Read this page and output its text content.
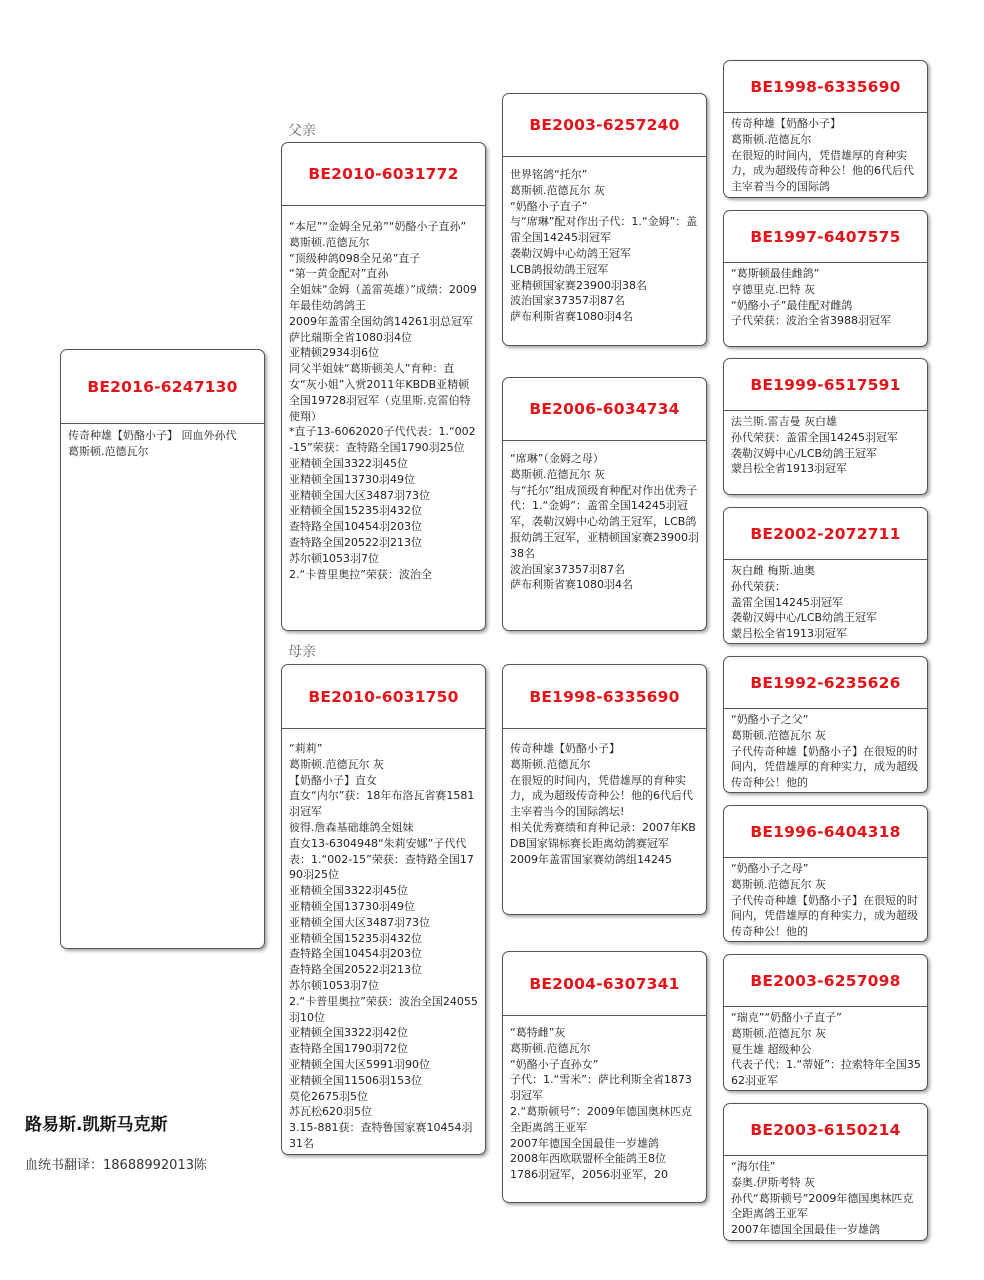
父亲
母亲
BE2016-6247130
传奇种雄【奶酪小子】 回血外孙代
葛斯顿.范德瓦尔
BE2010-6031772
“本尼”“金姆全兄弟”“奶酪小子直孙”
葛斯顿.范德瓦尔
“顶级种鸽098全兄弟”直子
“第一黄金配对”直孙
全姐妹“金姆（盖雷英雄）”成绩：2009年最佳幼鸽鸽王
2009年盖雷全国幼鸽14261羽总冠军
萨比瑞斯全省1080羽4位
亚精顿2934羽6位
同父半姐妹“葛斯顿美人”育种：直女“灰小姐”入赏2011年KBDB亚精顿全国19728羽冠军（克里斯.克雷伯特使翔）
*直子13-6062020子代代表：1.“002-15”荣获：查特路全国1790羽25位
亚精顿全国3322羽45位
亚精顿全国13730羽49位
亚精顿全国大区3487羽73位
亚精顿全国15235羽432位
查特路全国10454羽203位
查特路全国20522羽213位
苏尔顿1053羽7位
2.“卡普里奥拉”荣获：波治全
BE2010-6031750
“莉莉”
葛斯顿.范德瓦尔 灰
【奶酪小子】直女
直女“内尔”获：18年布洛瓦省赛1581羽冠军
彼得.詹森基础雄鸽全姐妹
直女13-6304948“朱莉安娜”子代代表：1.“002-15”荣获：查特路全国1790羽25位
亚精顿全国3322羽45位
亚精顿全国13730羽49位
亚精顿全国大区3487羽73位
亚精顿全国15235羽432位
查特路全国10454羽203位
查特路全国20522羽213位
苏尔顿1053羽7位
2.“卡普里奥拉”荣获：波治全国24055羽10位
亚精顿全国3322羽42位
查特路全国1790羽72位
亚精顿全国大区5991羽90位
亚精顿全国11506羽153位
莫伦2675羽5位
苏瓦松620羽5位
3.15-881获：查特鲁国家赛10454羽31名
BE2003-6257240
世界铭鸽“托尔”
葛斯顿.范德瓦尔 灰
“奶酪小子直子”
与“席琳”配对作出子代：1.“金姆”：盖雷全国14245羽冠军
袭勒汉姆中心幼鸽王冠军
LCB鸽报幼鸽王冠军
亚精顿国家赛23900羽38名
波治国家37357羽87名
萨布利斯省赛1080羽4名
BE2006-6034734
“席琳”（金姆之母）
葛斯顿.范德瓦尔 灰
与“托尔”组成顶级育种配对作出优秀子代：1.“金姆”：盖雷全国14245羽冠军，袭勒汉姆中心幼鸽王冠军，LCB鸽报幼鸽王冠军，亚精顿国家赛23900羽38名
波治国家37357羽87名
萨布利斯省赛1080羽4名
BE1998-6335690
传奇种雄【奶酪小子】
葛斯顿.范德瓦尔
在很短的时间内，凭借雄厚的育种实力，成为超级传奇种公！他的6代后代主宰着当今的国际鸽坛!
相关优秀赛绩和育种记录：2007年KBDB国家锦标赛长距离幼鸽赛冠军
2009年盖雷国家赛幼鸽组14245
BE2004-6307341
“葛特雌”灰
葛斯顿.范德瓦尔
“奶酪小子直孙女”
子代：1.“雪米”：萨比利斯全省1873羽冠军
2.“葛斯顿号”：2009年德国奥林匹克全距离鸽王亚军
2007年德国全国最佳一岁雄鸽
2008年西欧联盟杯全能鸽王8位
1786羽冠军，2056羽亚军，20
BE1998-6335690
传奇种雄【奶酪小子】
葛斯顿.范德瓦尔
在很短的时间内，凭借雄厚的育种实力，成为超级传奇种公！他的6代后代主宰着当今的国际鸽
BE1997-6407575
“葛斯顿最佳雌鸽”
亨德里克.巴特 灰
“奶酪小子”最佳配对雌鸽
子代荣获：波治全省3988羽冠军
BE1999-6517591
法兰斯.雷吉曼 灰白雄
孙代荣获：盖雷全国14245羽冠军
袭勒汉姆中心/LCB幼鸽王冠军
蒙吕松全省1913羽冠军
BE2002-2072711
灰白雌 梅斯.迪奥
孙代荣获：
盖雷全国14245羽冠军
袭勒汉姆中心/LCB幼鸽王冠军
蒙吕松全省1913羽冠军
BE1992-6235626
“奶酪小子之父”
葛斯顿.范德瓦尔 灰
子代传奇种雄【奶酪小子】在很短的时间内，凭借雄厚的育种实力，成为超级传奇种公！他的
BE1996-6404318
“奶酪小子之母”
葛斯顿.范德瓦尔 灰
子代传奇种雄【奶酪小子】在很短的时间内，凭借雄厚的育种实力，成为超级传奇种公！他的
BE2003-6257098
“瑞克”“奶酪小子直子”
葛斯顿.范德瓦尔 灰
夏生雄 超级种公
代表子代：1.“蒂娅”：拉索特年全国3562羽亚军
BE2003-6150214
“海尔佳”
泰奥.伊斯考特 灰
孙代“葛斯顿号”2009年德国奥林匹克全距离鸽王亚军
2007年德国全国最佳一岁雄鸽
路易斯.凯斯马克斯
血统书翻译：18688992013陈
